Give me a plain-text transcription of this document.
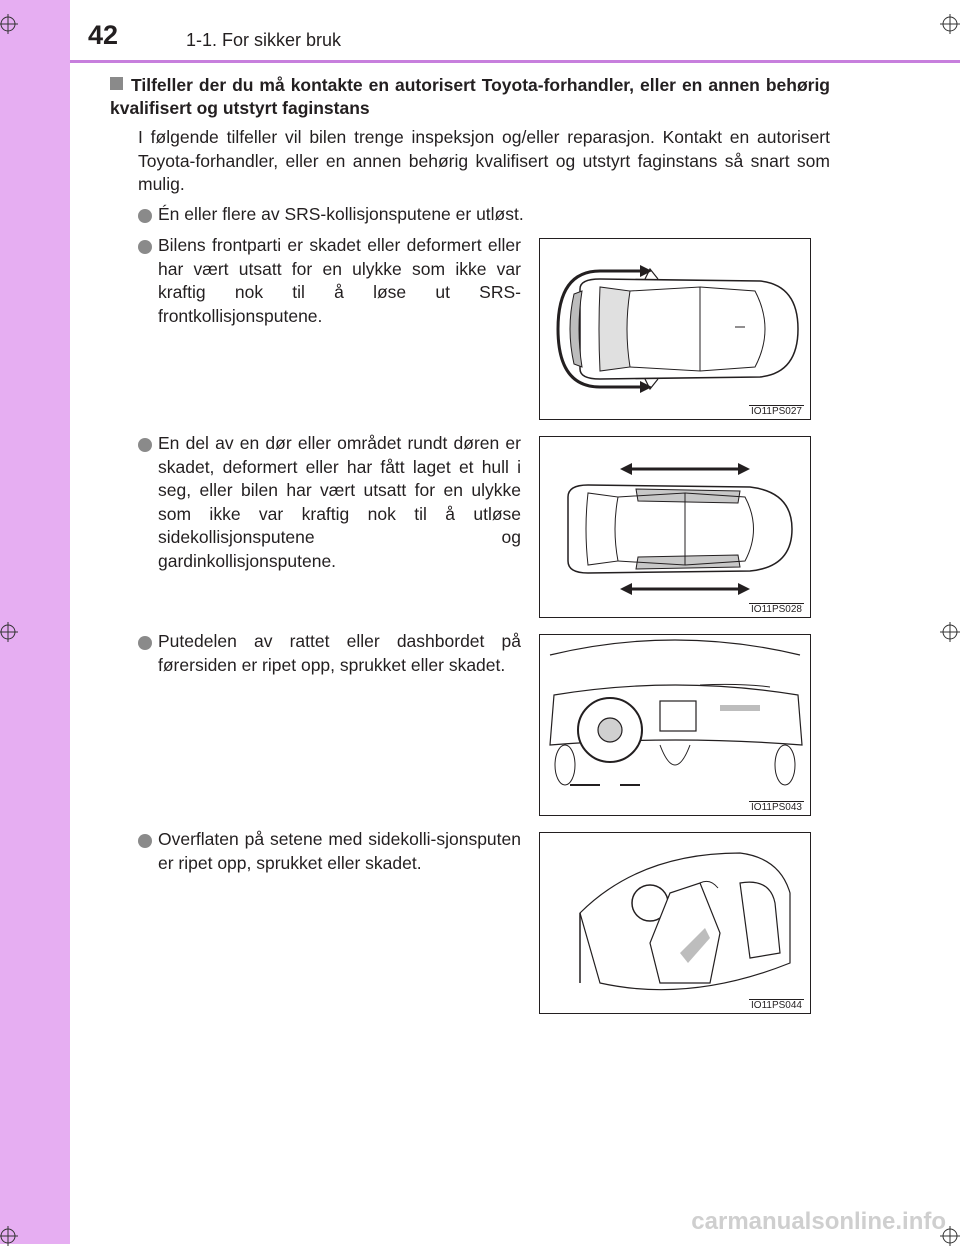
42	1-1. For sikker bruk
Tilfeller der du må kontakte en autorisert Toyota-forhandler, eller en annen behørig kvalifisert og utstyrt faginstans
I følgende tilfeller vil bilen trenge inspeksjon og/eller reparasjon. Kontakt en autorisert Toyota-forhandler, eller en annen behørig kvalifisert og utstyrt faginstans så snart som mulig.
Én eller flere av SRS-kollisjonsputene er utløst.
Bilens frontparti er skadet eller deformert eller har vært utsatt for en ulykke som ikke var kraftig nok til å løse ut SRS-frontkollisjonsputene.
En del av en dør eller området rundt døren er skadet, deformert eller har fått laget et hull i seg, eller bilen har vært utsatt for en ulykke som ikke var kraftig nok til å utløse sidekollisjonsputene og gardinkollisjonsputene.
Putedelen av rattet eller dashbordet på førersiden er ripet opp, sprukket eller skadet.
Overflaten på setene med sidekolli-sjonsputen er ripet opp, sprukket eller skadet.
IO11PS027
IO11PS028
IO11PS043
IO11PS044
carmanualsonline.info
